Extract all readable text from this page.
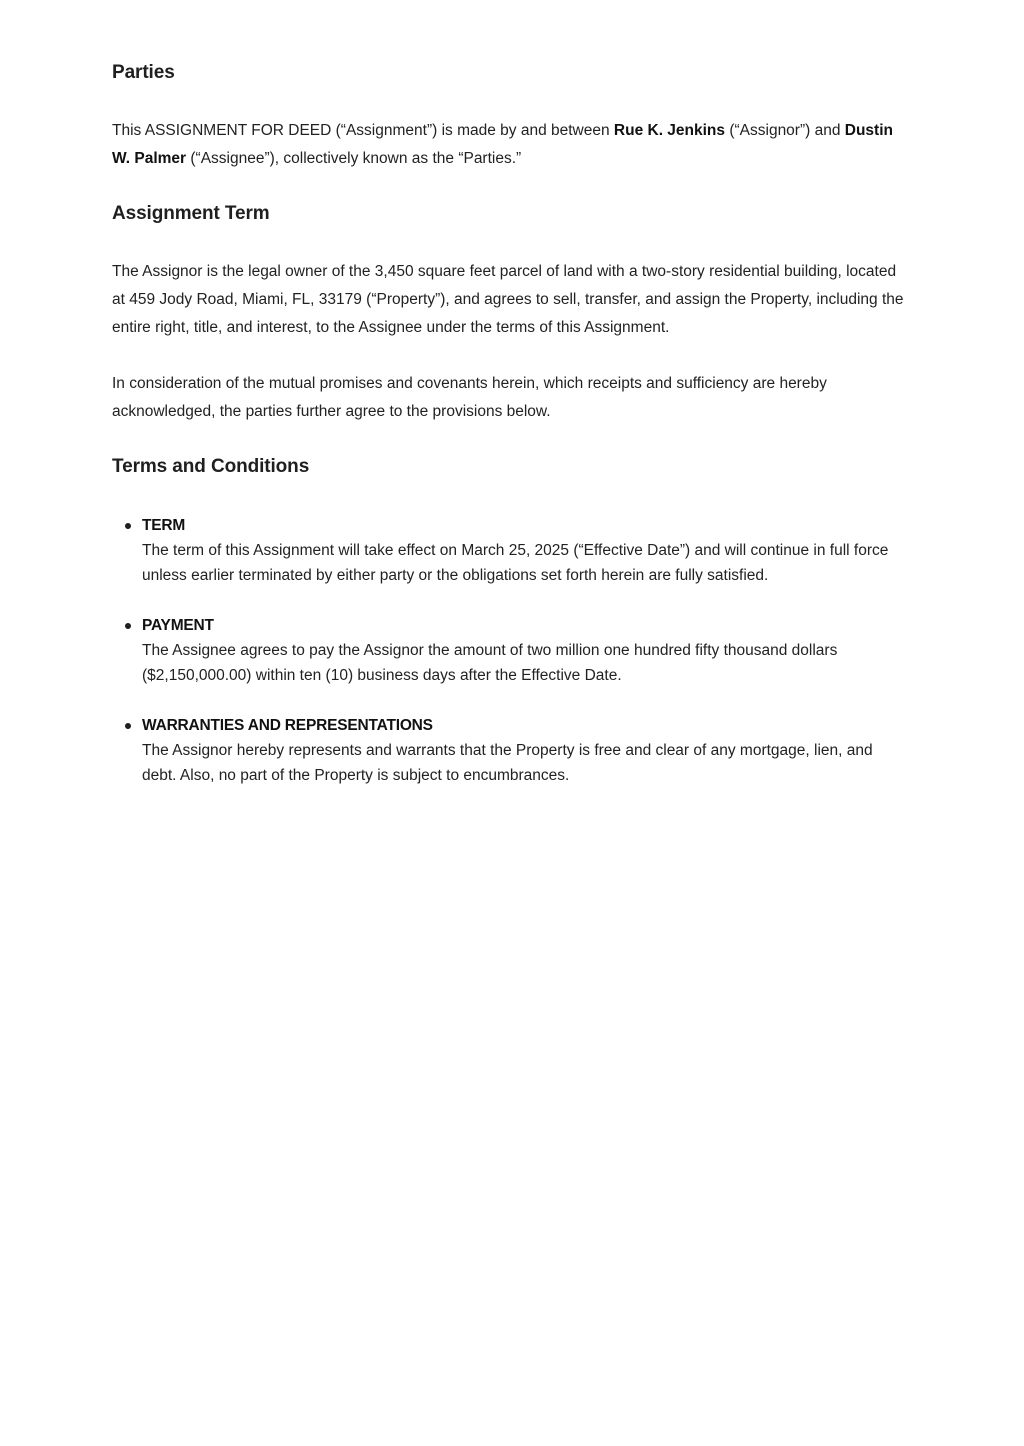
Parties

This ASSIGNMENT FOR DEED (“Assignment”) is made by and between Rue K. Jenkins (“Assignor”) and Dustin W. Palmer (“Assignee”), collectively known as the “Parties.”

Assignment Term

The Assignor is the legal owner of the 3,450 square feet parcel of land with a two-story residential building, located at 459 Jody Road, Miami, FL, 33179 (“Property”), and agrees to sell, transfer, and assign the Property, including the entire right, title, and interest, to the Assignee under the terms of this Assignment.

In consideration of the mutual promises and covenants herein, which receipts and sufficiency are hereby acknowledged, the parties further agree to the provisions below.

Terms and Conditions
TERM
The term of this Assignment will take effect on March 25, 2025 (“Effective Date”) and will continue in full force unless earlier terminated by either party or the obligations set forth herein are fully satisfied.
PAYMENT
The Assignee agrees to pay the Assignor the amount of two million one hundred fifty thousand dollars ($2,150,000.00) within ten (10) business days after the Effective Date.
WARRANTIES AND REPRESENTATIONS
The Assignor hereby represents and warrants that the Property is free and clear of any mortgage, lien, and debt. Also, no part of the Property is subject to encumbrances.
